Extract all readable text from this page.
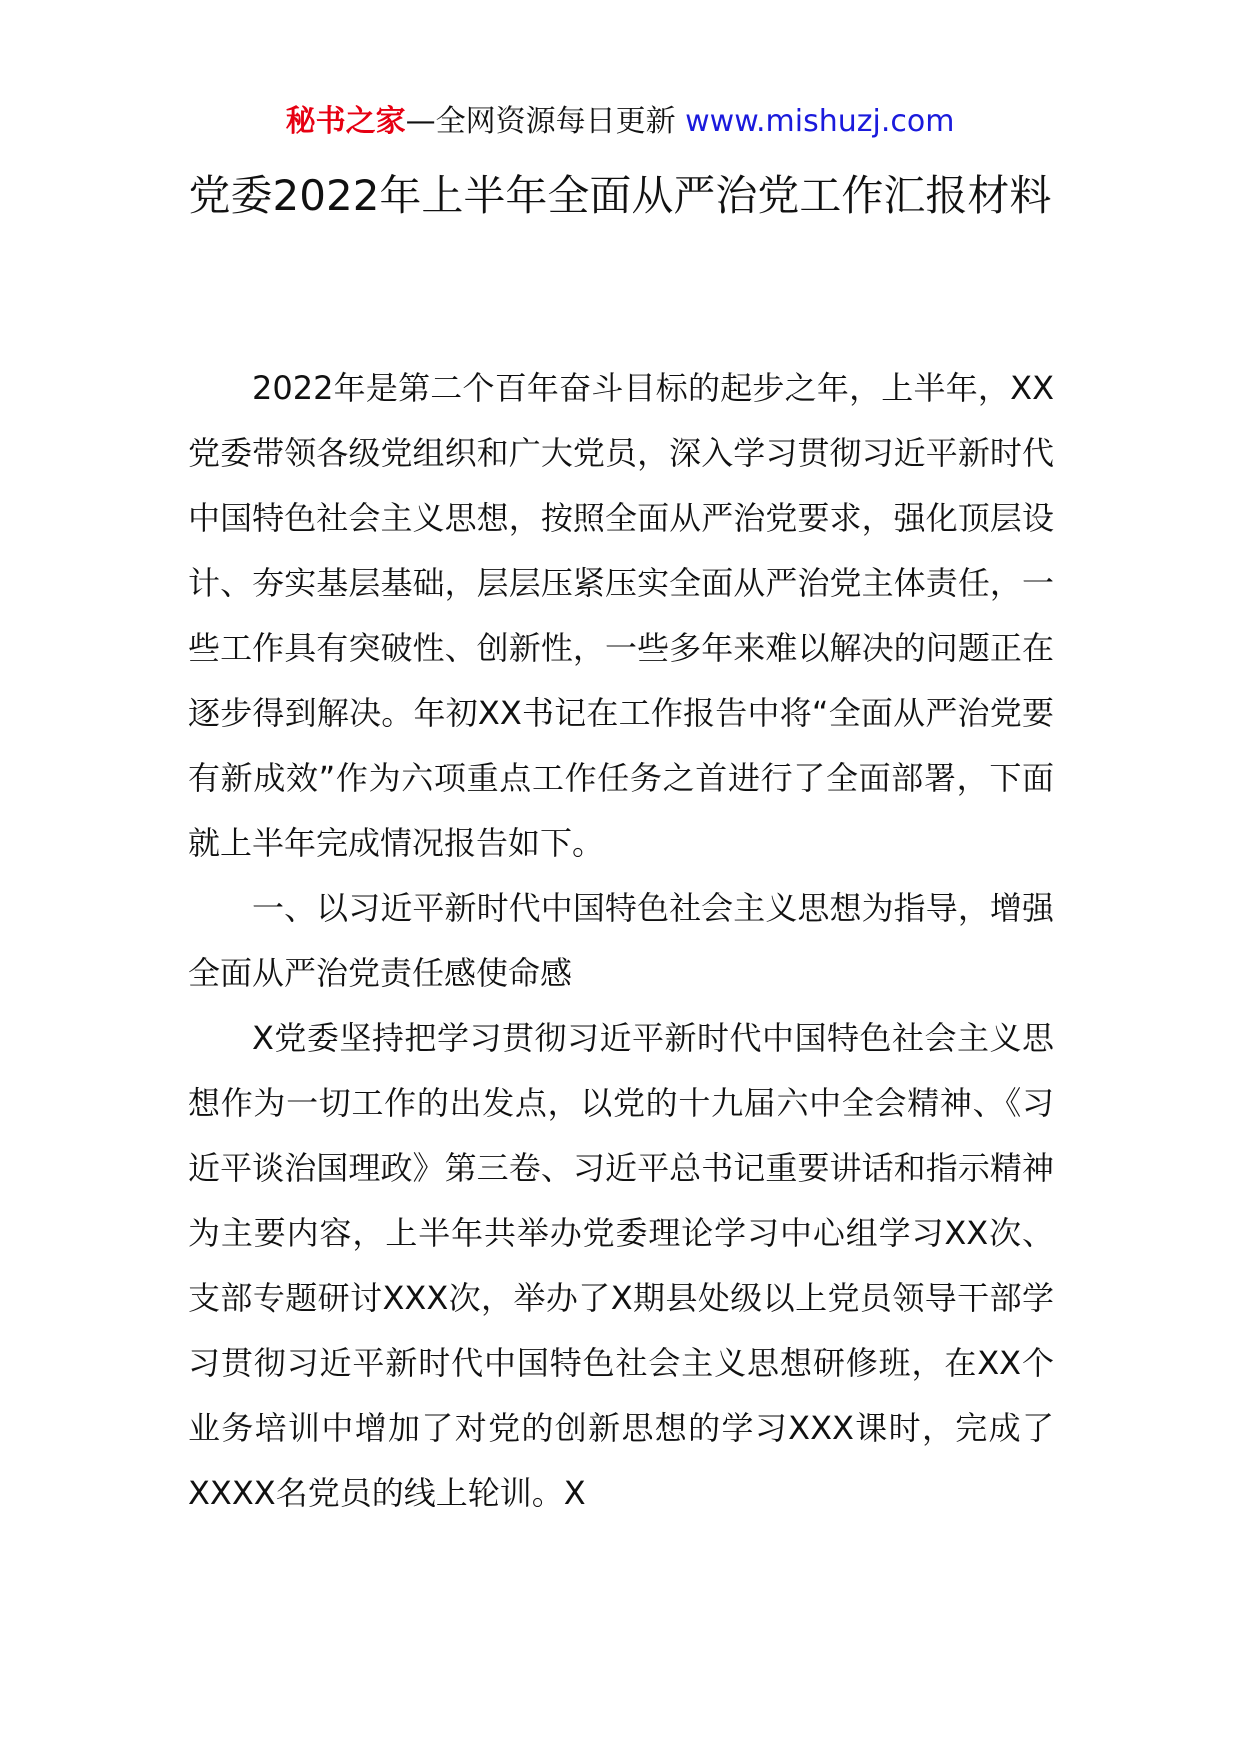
秘书之家—全网资源每日更新 www.mishuzj.com
党委2022年上半年全面从严治党工作汇报材料

2022年是第二个百年奋斗目标的起步之年，上半年，XX党委带领各级党组织和广大党员，深入学习贯彻习近平新时代中国特色社会主义思想，按照全面从严治党要求，强化顶层设计、夯实基层基础，层层压紧压实全面从严治党主体责任，一些工作具有突破性、创新性，一些多年来难以解决的问题正在逐步得到解决。年初XX书记在工作报告中将“全面从严治党要有新成效”作为六项重点工作任务之首进行了全面部署，下面就上半年完成情况报告如下。

一、以习近平新时代中国特色社会主义思想为指导，增强全面从严治党责任感使命感

X党委坚持把学习贯彻习近平新时代中国特色社会主义思想作为一切工作的出发点，以党的十九届六中全会精神、《习近平谈治国理政》第三卷、习近平总书记重要讲话和指示精神为主要内容，上半年共举办党委理论学习中心组学习XX次、支部专题研讨XXX次，举办了X期县处级以上党员领导干部学习贯彻习近平新时代中国特色社会主义思想研修班，在XX个业务培训中增加了对党的创新思想的学习XXX课时，完成了XXXX名党员的线上轮训。X
